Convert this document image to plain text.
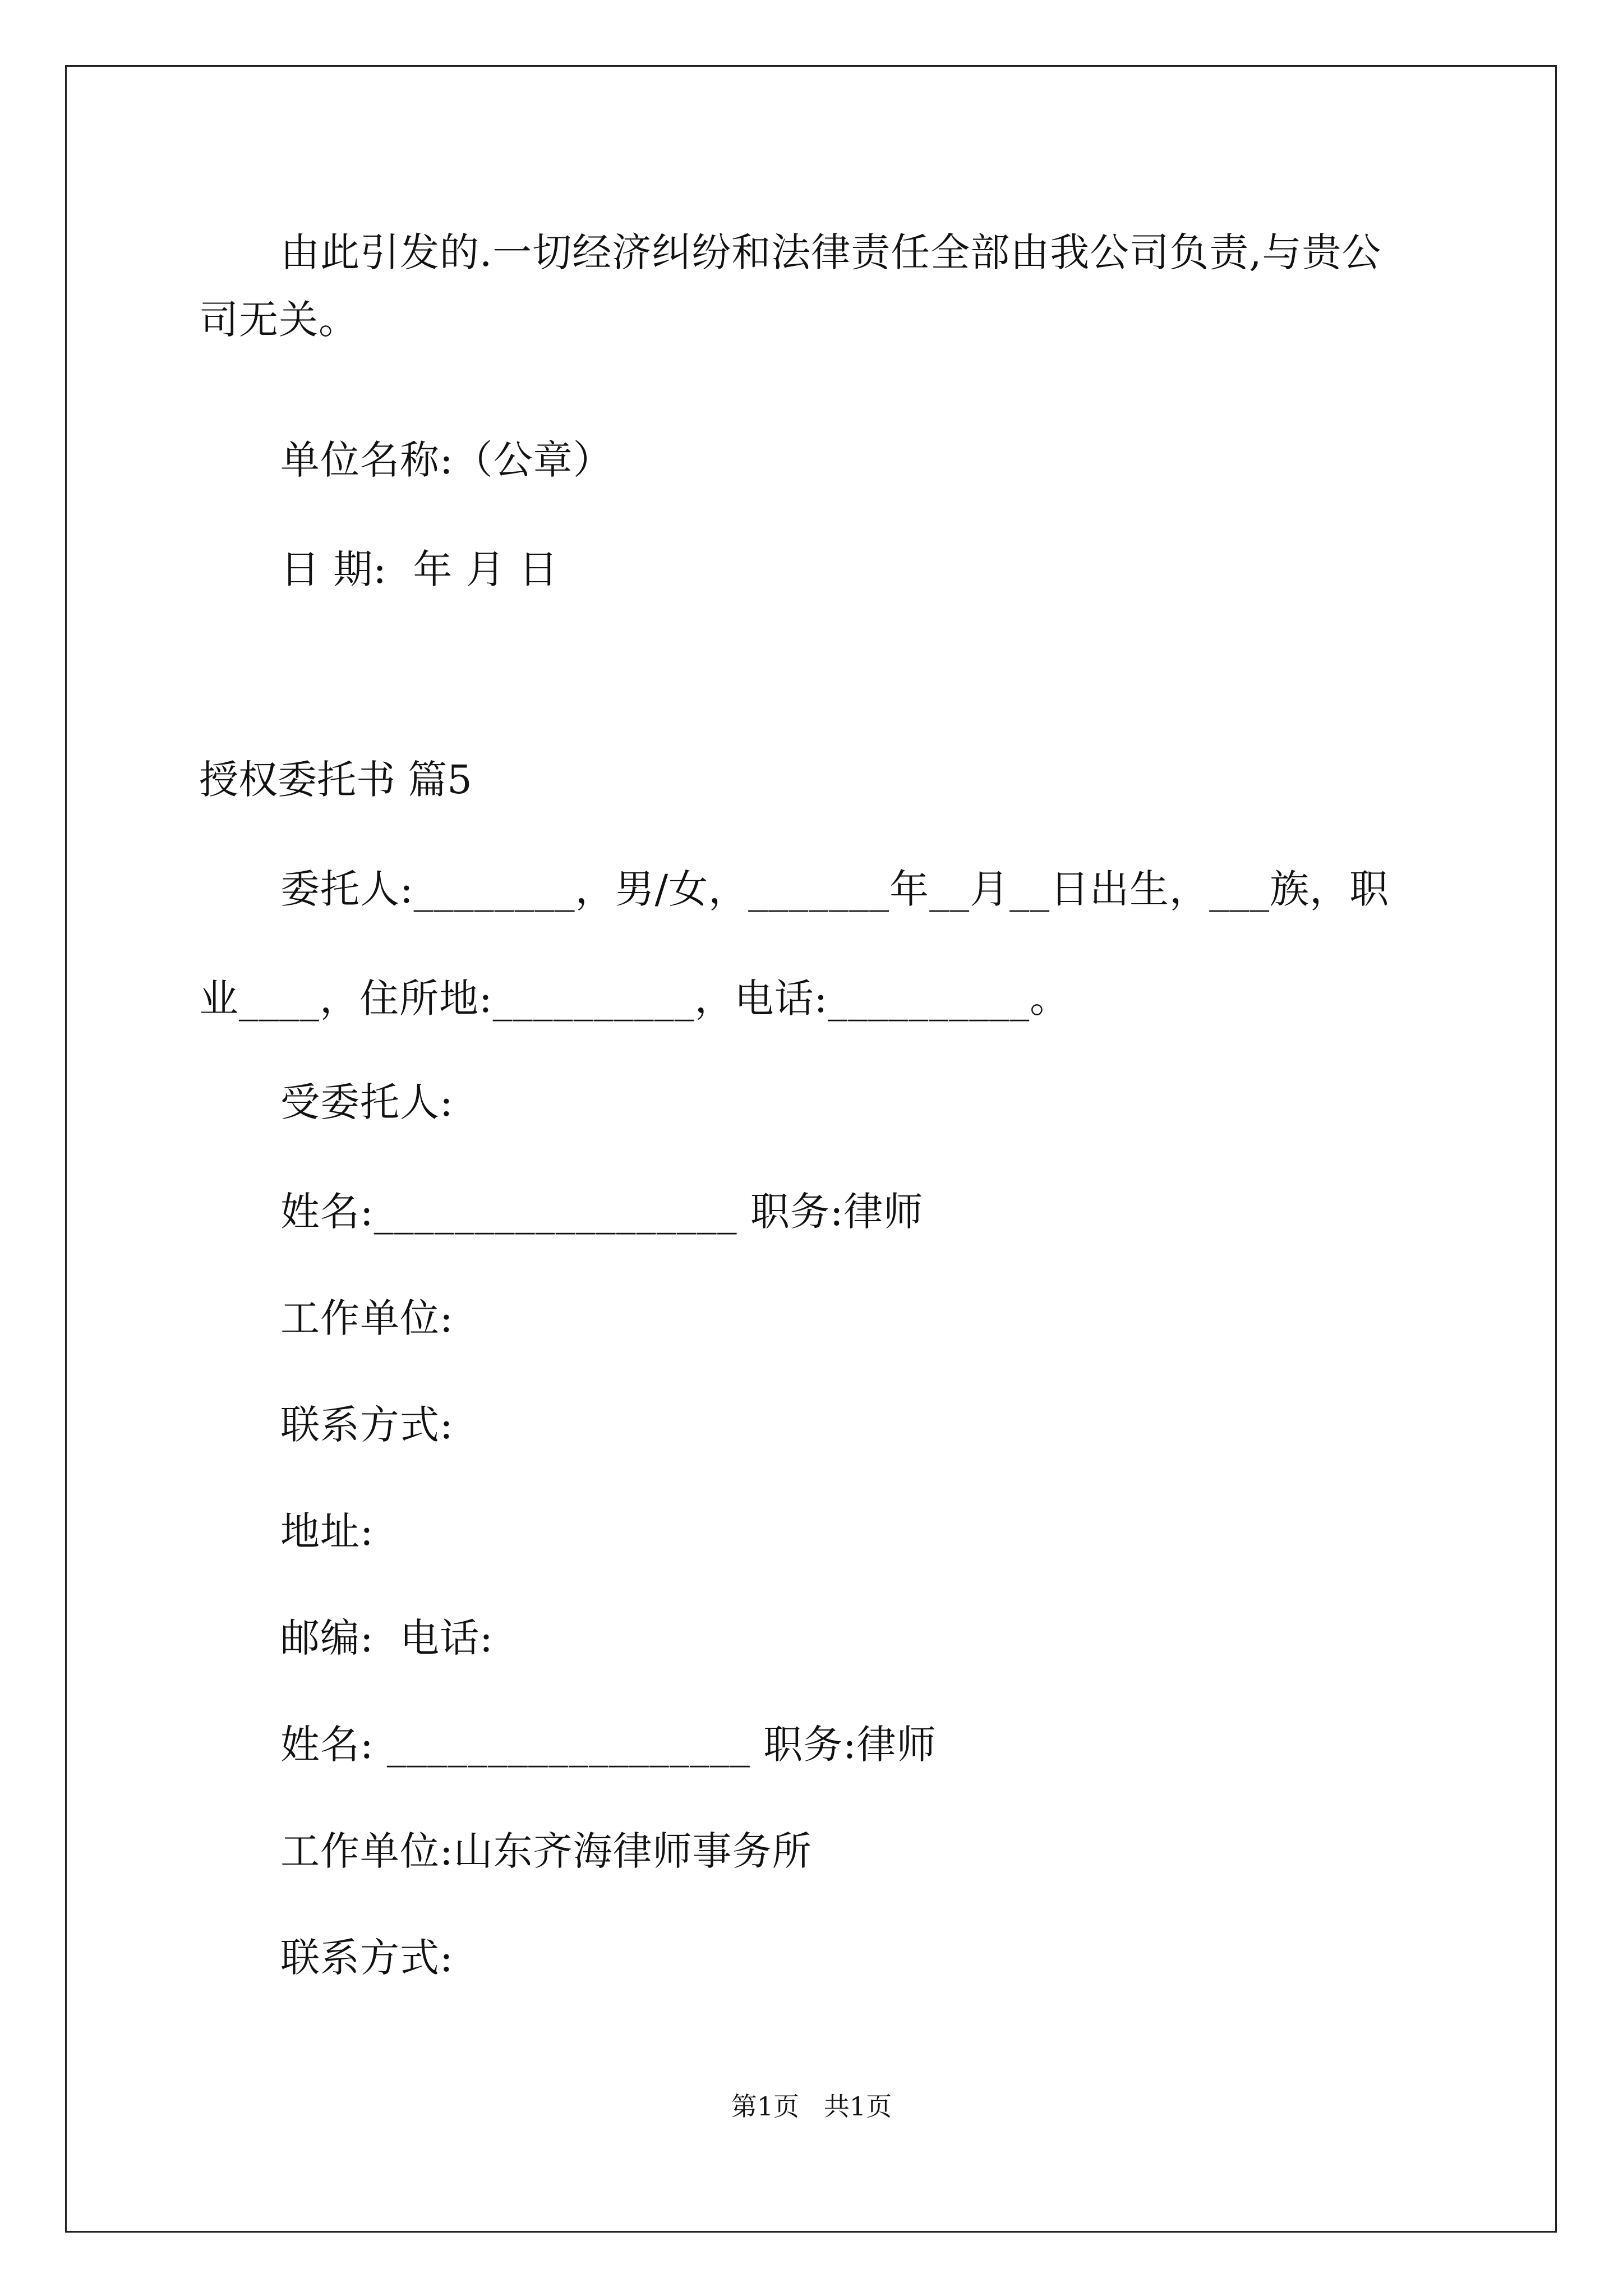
由此引发的.一切经济纠纷和法律责任全部由我公司负责,与贵公
司无关。
单位名称:（公章）
日 期:  年 月 日
授权委托书 篇5
委托人:________，男/女，_______年__月__日出生，___族，职
业____，住所地:__________，电话:__________。
受委托人:
姓名:__________________ 职务:律师
工作单位:
联系方式:
地址:
邮编:  电话:
姓名: __________________ 职务:律师
工作单位:山东齐海律师事务所
联系方式:
第1页   共1页
